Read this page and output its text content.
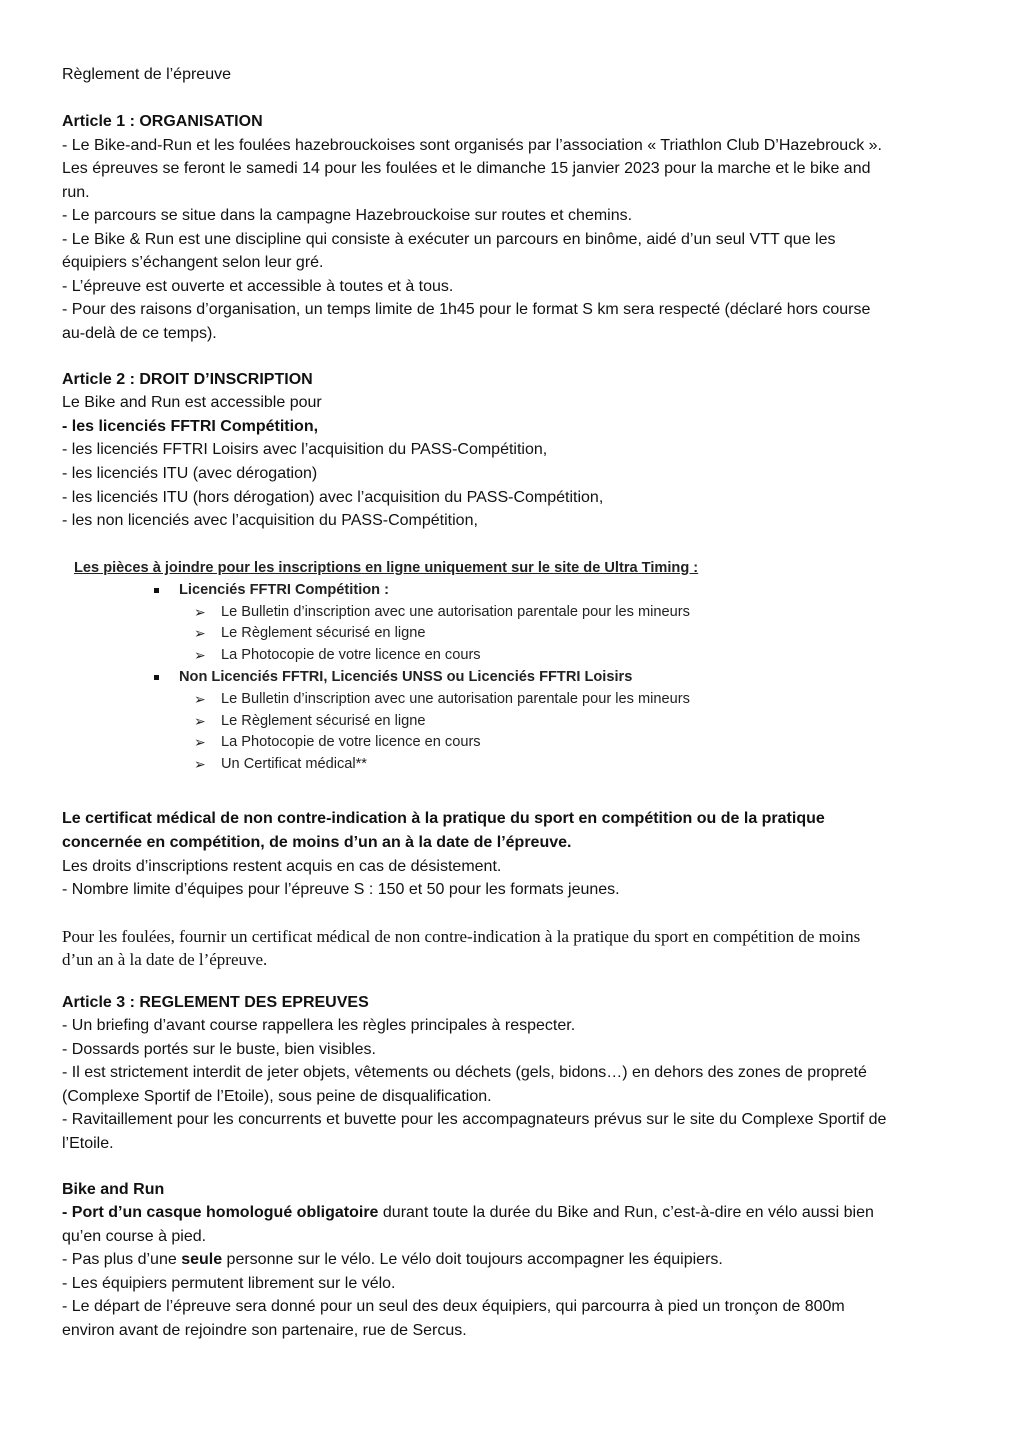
Règlement de l’épreuve

Article 1 : ORGANISATION

- Le Bike-and-Run et les foulées hazebrouckoises sont organisés par l’association « Triathlon Club D’Hazebrouck ».

Les épreuves se feront le samedi 14 pour les foulées et le dimanche 15 janvier 2023 pour la marche et le bike and

run.

- Le parcours se situe dans la campagne Hazebrouckoise sur routes et chemins.

- Le Bike & Run est une discipline qui consiste à exécuter un parcours en binôme, aidé d’un seul VTT que les

équipiers s’échangent selon leur gré.

- L’épreuve est ouverte et accessible à toutes et à tous.

- Pour des raisons d’organisation, un temps limite de 1h45 pour le format S km sera respecté (déclaré hors course

au-delà de ce temps).

Article 2 : DROIT D’INSCRIPTION

Le Bike and Run est accessible pour

- les licenciés FFTRI Compétition,

- les licenciés FFTRI Loisirs avec l’acquisition du PASS-Compétition,

- les licenciés ITU (avec dérogation)

- les licenciés ITU (hors dérogation) avec l’acquisition du PASS-Compétition,

- les non licenciés avec l’acquisition du PASS-Compétition,

Les pièces à joindre pour les inscriptions en ligne uniquement sur le site de Ultra Timing :
Licenciés FFTRI Compétition :
➢ Le Bulletin d’inscription avec une autorisation parentale pour les mineurs
➢ Le Règlement sécurisé en ligne
➢ La Photocopie de votre licence en cours
Non Licenciés FFTRI, Licenciés UNSS ou Licenciés FFTRI Loisirs
➢ Le Bulletin d’inscription avec une autorisation parentale pour les mineurs
➢ Le Règlement sécurisé en ligne
➢ La Photocopie de votre licence en cours
➢ Un Certificat médical**

Le certificat médical de non contre-indication à la pratique du sport en compétition ou de la pratique

concernée en compétition, de moins d’un an à la date de l’épreuve.

Les droits d’inscriptions restent acquis en cas de désistement.

- Nombre limite d’équipes pour l’épreuve S : 150 et 50 pour les formats jeunes.

Pour les foulées, fournir un certificat médical de non contre-indication à la pratique du sport en compétition de moins

d’un an à la date de l’épreuve.

Article 3 : REGLEMENT DES EPREUVES

- Un briefing d’avant course rappellera les règles principales à respecter.

- Dossards portés sur le buste, bien visibles.

- Il est strictement interdit de jeter objets, vêtements ou déchets (gels, bidons…) en dehors des zones de propreté

(Complexe Sportif de l’Etoile), sous peine de disqualification.

- Ravitaillement pour les concurrents et buvette pour les accompagnateurs prévus sur le site du Complexe Sportif de

l’Etoile.

Bike and Run

- Port d’un casque homologué obligatoire durant toute la durée du Bike and Run, c’est-à-dire en vélo aussi bien

qu’en course à pied.

- Pas plus d’une seule personne sur le vélo. Le vélo doit toujours accompagner les équipiers.

- Les équipiers permutent librement sur le vélo.

- Le départ de l’épreuve sera donné pour un seul des deux équipiers, qui parcourra à pied un tronçon de 800m

environ avant de rejoindre son partenaire, rue de Sercus.
